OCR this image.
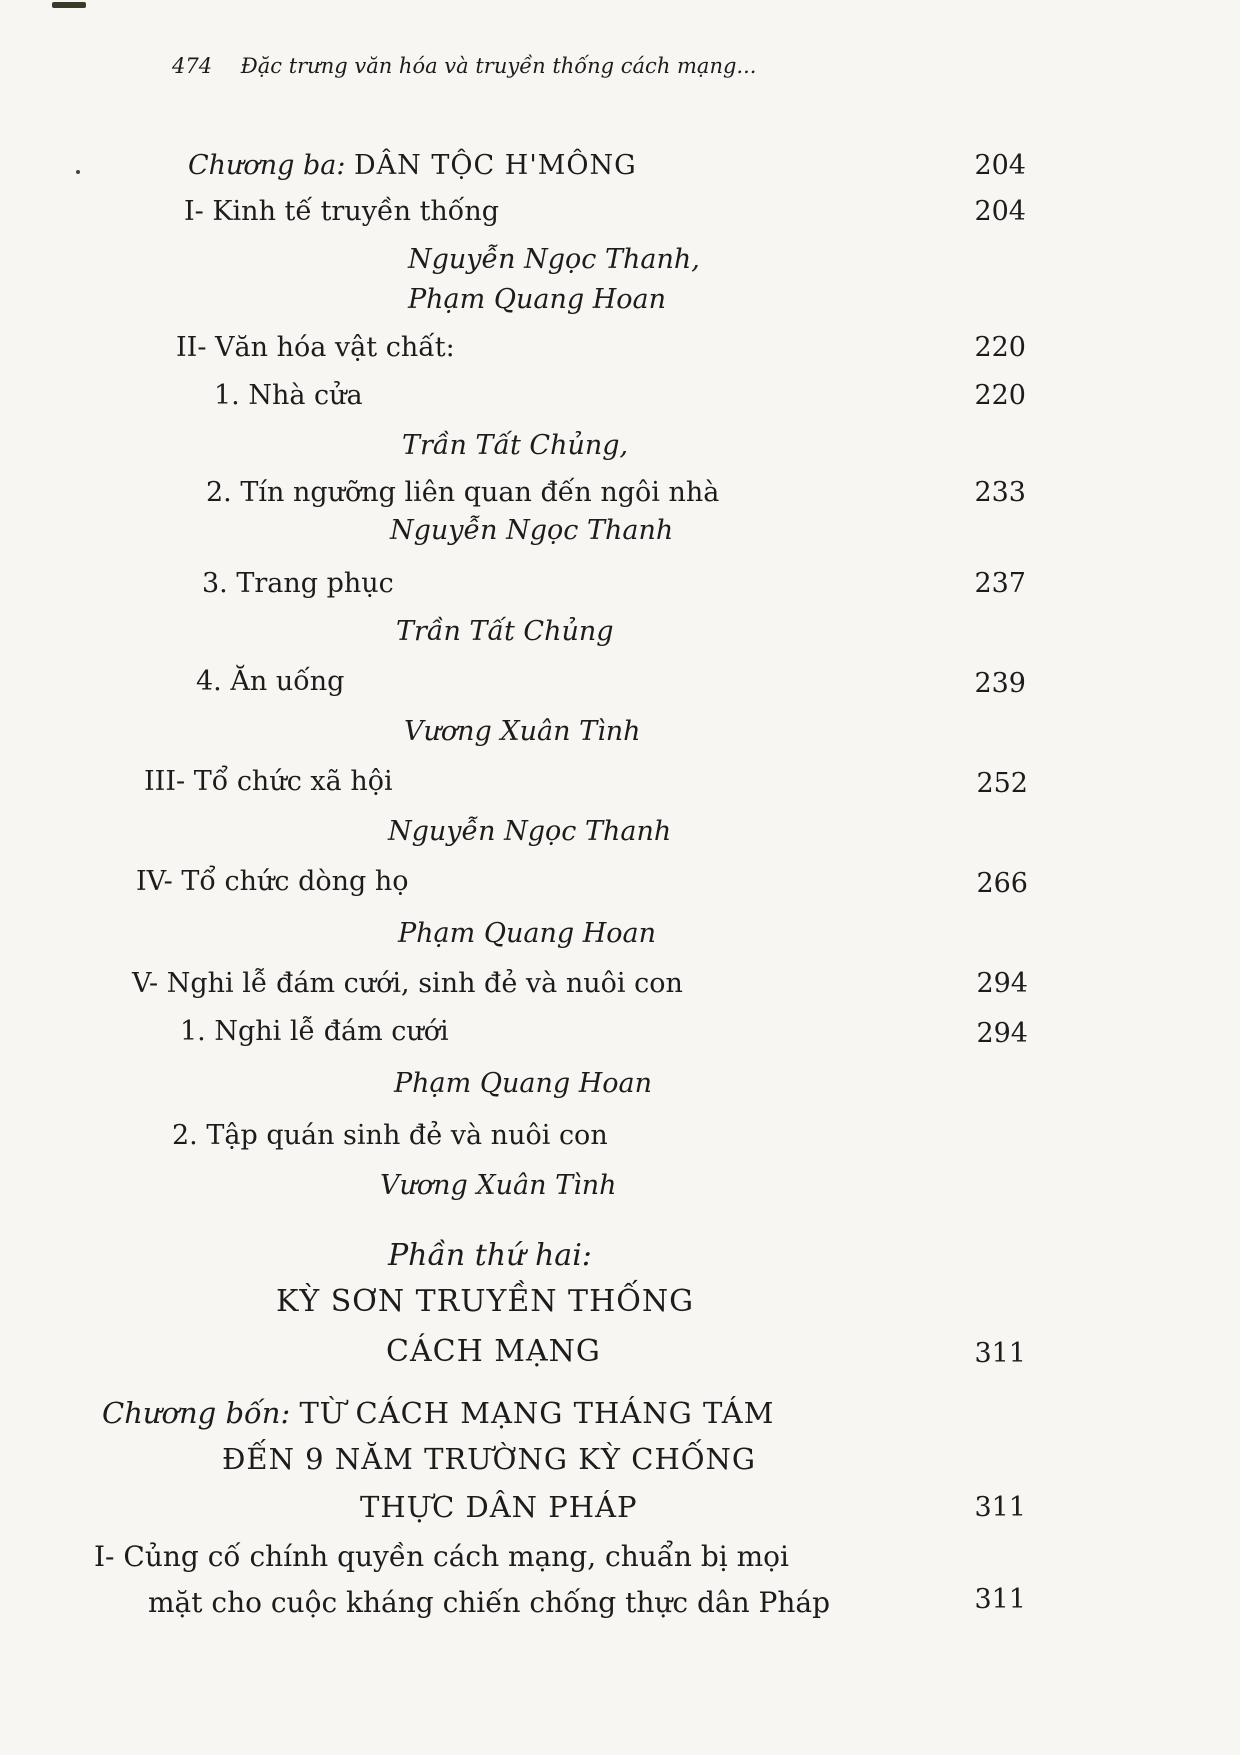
474 Đặc trưng văn hóa và truyền thống cách mạng...
Chương ba: DÂN TỘC H'MÔNG	204
I- Kinh tế truyền thống	204
Nguyễn Ngọc Thanh,
Phạm Quang Hoan
II- Văn hóa vật chất:	220
1. Nhà cửa	220
Trần Tất Chủng,
2. Tín ngưỡng liên quan đến ngôi nhà	233
Nguyễn Ngọc Thanh
3. Trang phục	237
Trần Tất Chủng
4. Ăn uống	239
Vương Xuân Tình
III- Tổ chức xã hội	252
Nguyễn Ngọc Thanh
IV- Tổ chức dòng họ	266
Phạm Quang Hoan
V- Nghi lễ đám cưới, sinh đẻ và nuôi con	294
1. Nghi lễ đám cưới	294
Phạm Quang Hoan
2. Tập quán sinh đẻ và nuôi con
Vương Xuân Tình
Phần thứ hai:
KỲ SƠN TRUYỀN THỐNG
CÁCH MẠNG	311
Chương bốn: TỪ CÁCH MẠNG THÁNG TÁM
ĐẾN 9 NĂM TRƯỜNG KỲ CHỐNG
THỰC DÂN PHÁP	311
I- Củng cố chính quyền cách mạng, chuẩn bị mọi
mặt cho cuộc kháng chiến chống thực dân Pháp	311
